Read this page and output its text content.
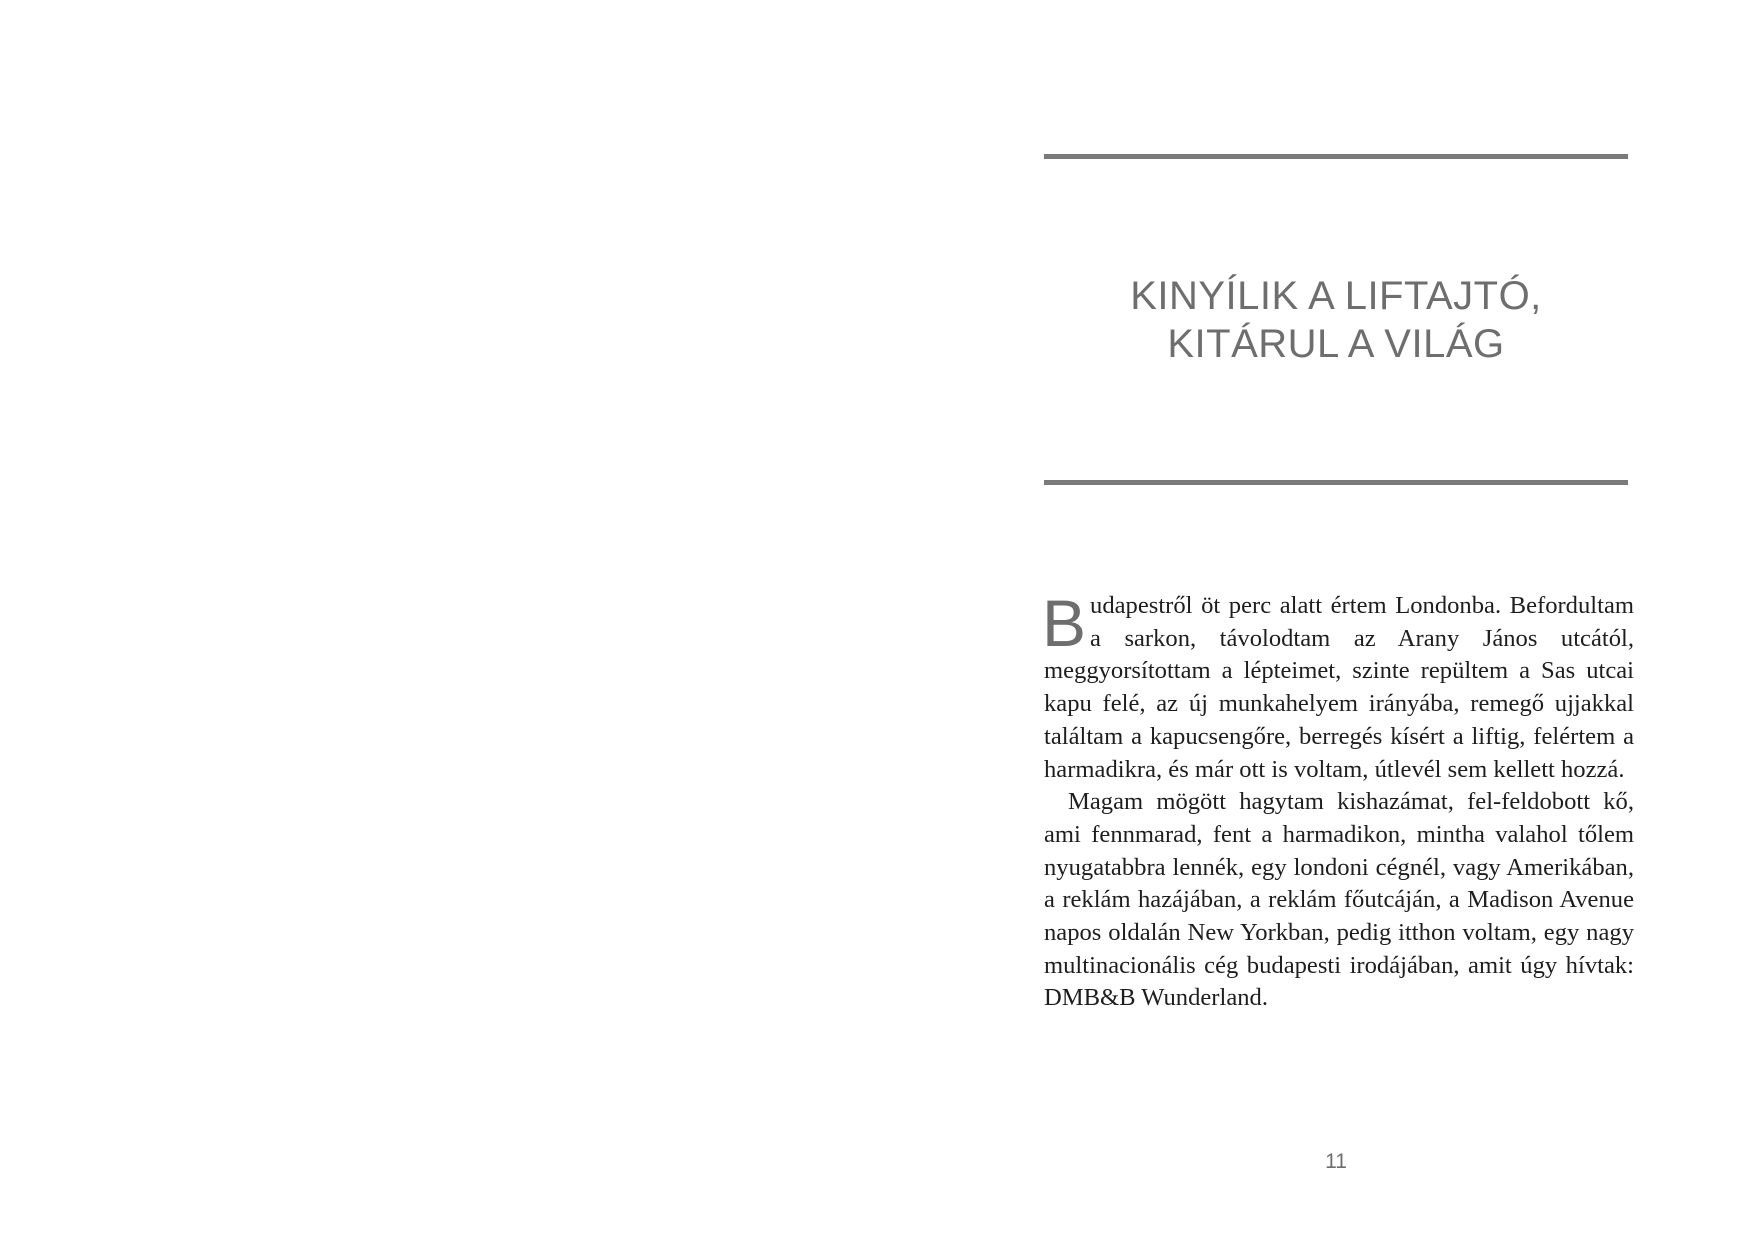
KINYÍLIK A LIFTAJTÓ,
KITÁRUL A VILÁG

Budapestről öt perc alatt értem Londonba. Befordultam a sarkon, távolodtam az Arany János utcától, meggyorsítottam a lépteimet, szinte repültem a Sas utcai kapu felé, az új munkahelyem irányába, remegő ujjakkal találtam a kapucsengőre, berregés kísért a liftig, felértem a harmadikra, és már ott is voltam, útlevél sem kellett hozzá.

Magam mögött hagytam kishazámat, fel-feldobott kő, ami fennmarad, fent a harmadikon, mintha valahol tőlem nyugatabbra lennék, egy londoni cégnél, vagy Amerikában, a reklám hazájában, a reklám főutcáján, a Madison Avenue napos oldalán New Yorkban, pedig itthon voltam, egy nagy multinacionális cég budapesti irodájában, amit úgy hívtak: DMB&B Wunderland.

11
